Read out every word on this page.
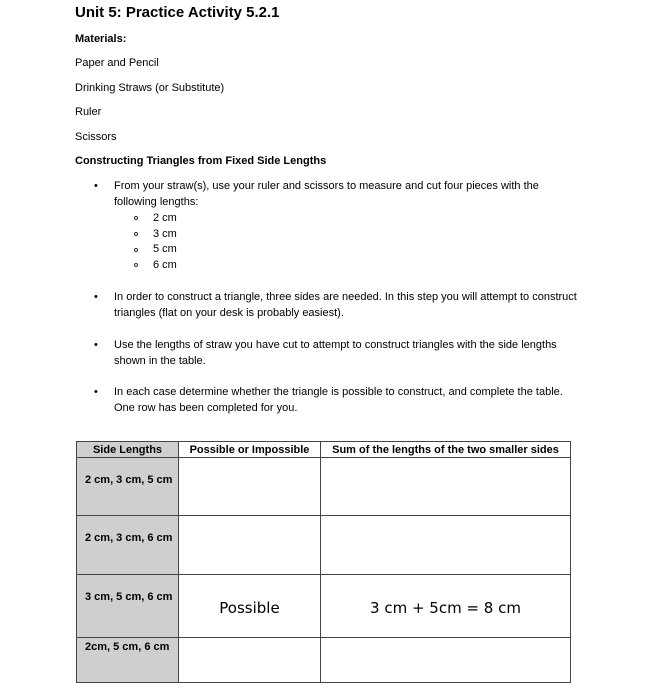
Unit 5: Practice Activity 5.2.1
Materials:
Paper and Pencil
Drinking Straws (or Substitute)
Ruler
Scissors
Constructing Triangles from Fixed Side Lengths
• From your straw(s), use your ruler and scissors to measure and cut four pieces with the
following lengths:
2 cm
3 cm
5 cm
6 cm
• In order to construct a triangle, three sides are needed. In this step you will attempt to construct
triangles (flat on your desk is probably easiest).
• Use the lengths of straw you have cut to attempt to construct triangles with the side lengths
shown in the table.
• In each case determine whether the triangle is possible to construct, and complete the table.
One row has been completed for you.
Side Lengths	Possible or Impossible	Sum of the lengths of the two smaller sides
2 cm, 3 cm, 5 cm	

2 cm, 3 cm, 6 cm	

3 cm, 5 cm, 6 cm	Possible	3 cm + 5cm = 8 cm

2cm, 5 cm, 6 cm	
